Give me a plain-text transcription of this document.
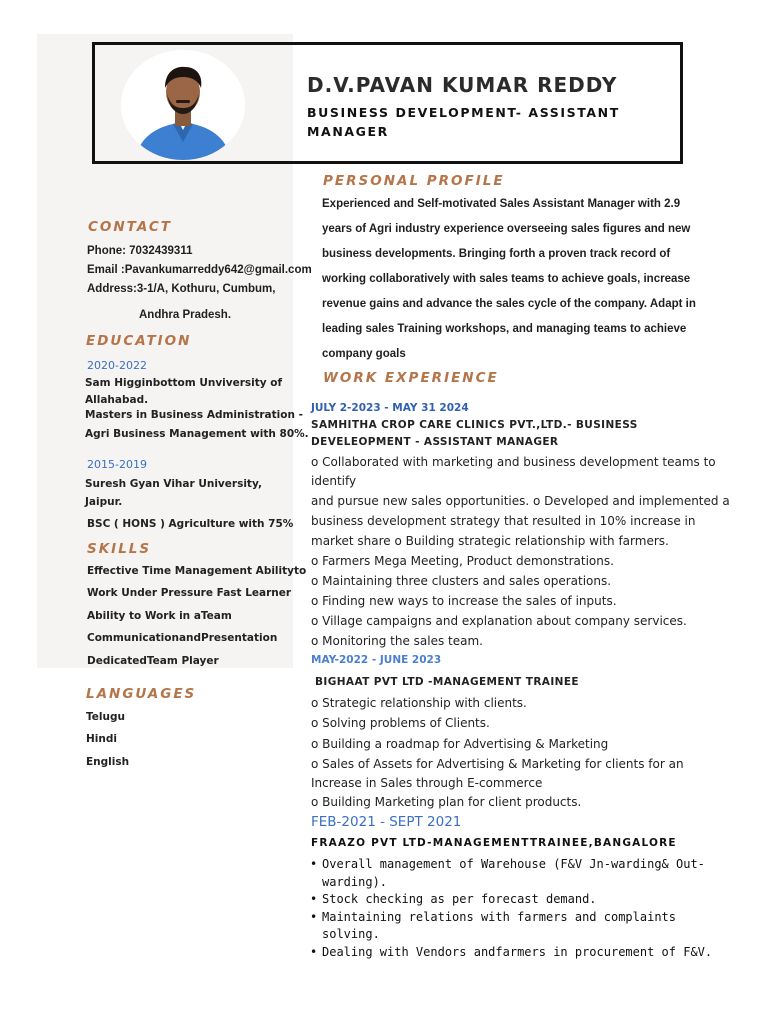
D.V.PAVAN KUMAR REDDY
BUSINESS DEVELOPMENT- ASSISTANT MANAGER
CONTACT
Phone: 7032439311
Email :Pavankumarreddy642@gmail.com
Address:3-1/A, Kothuru, Cumbum,
Andhra Pradesh.
EDUCATION
2020-2022
Sam Higginbottom Unviversity of
Allahabad.
Masters in Business Administration -
Agri Business Management with 80%.
2015-2019
Suresh Gyan Vihar University,
Jaipur.
BSC ( HONS ) Agriculture with 75%
SKILLS
Effective Time Management Abilityto
Work Under Pressure Fast Learner
Ability to Work in aTeam
CommunicationandPresentation
DedicatedTeam Player
LANGUAGES
Telugu
Hindi
English
PERSONAL PROFILE
Experienced and Self-motivated Sales Assistant Manager with 2.9 years of Agri industry experience overseeing sales figures and new business developments. Bringing forth a proven track record of working collaboratively with sales teams to achieve goals, increase revenue gains and advance the sales cycle of the company. Adapt in leading sales Training workshops, and managing teams to achieve company goals
WORK EXPERIENCE
JULY 2-2023 - MAY 31 2024
SAMHITHA CROP CARE CLINICS PVT.,LTD.- BUSINESS DEVELEOPMENT - ASSISTANT MANAGER
o Collaborated with marketing and business development teams to
identify
and pursue new sales opportunities. o Developed and implemented a
business development strategy that resulted in 10% increase in
market share o Building strategic relationship with farmers.
o Farmers Mega Meeting, Product demonstrations.
o Maintaining three clusters and sales operations.
o Finding new ways to increase the sales of inputs.
o Village campaigns and explanation about company services.
o Monitoring the sales team.
MAY-2022 - JUNE 2023
BIGHAAT PVT LTD -MANAGEMENT TRAINEE
o Strategic relationship with clients.
o Solving problems of Clients.
o Building a roadmap for Advertising & Marketing
o Sales of Assets for Advertising & Marketing for clients for an
Increase in Sales through E-commerce
o Building Marketing plan for client products.
FEB-2021 - SEPT 2021
FRAAZO PVT LTD-MANAGEMENTTRAINEE,BANGALORE
• Overall management of Warehouse (F&V Jn-warding& Out-warding).
• Stock checking as per forecast demand.
• Maintaining relations with farmers and complaints solving.
• Dealing with Vendors andfarmers in procurement of F&V.
